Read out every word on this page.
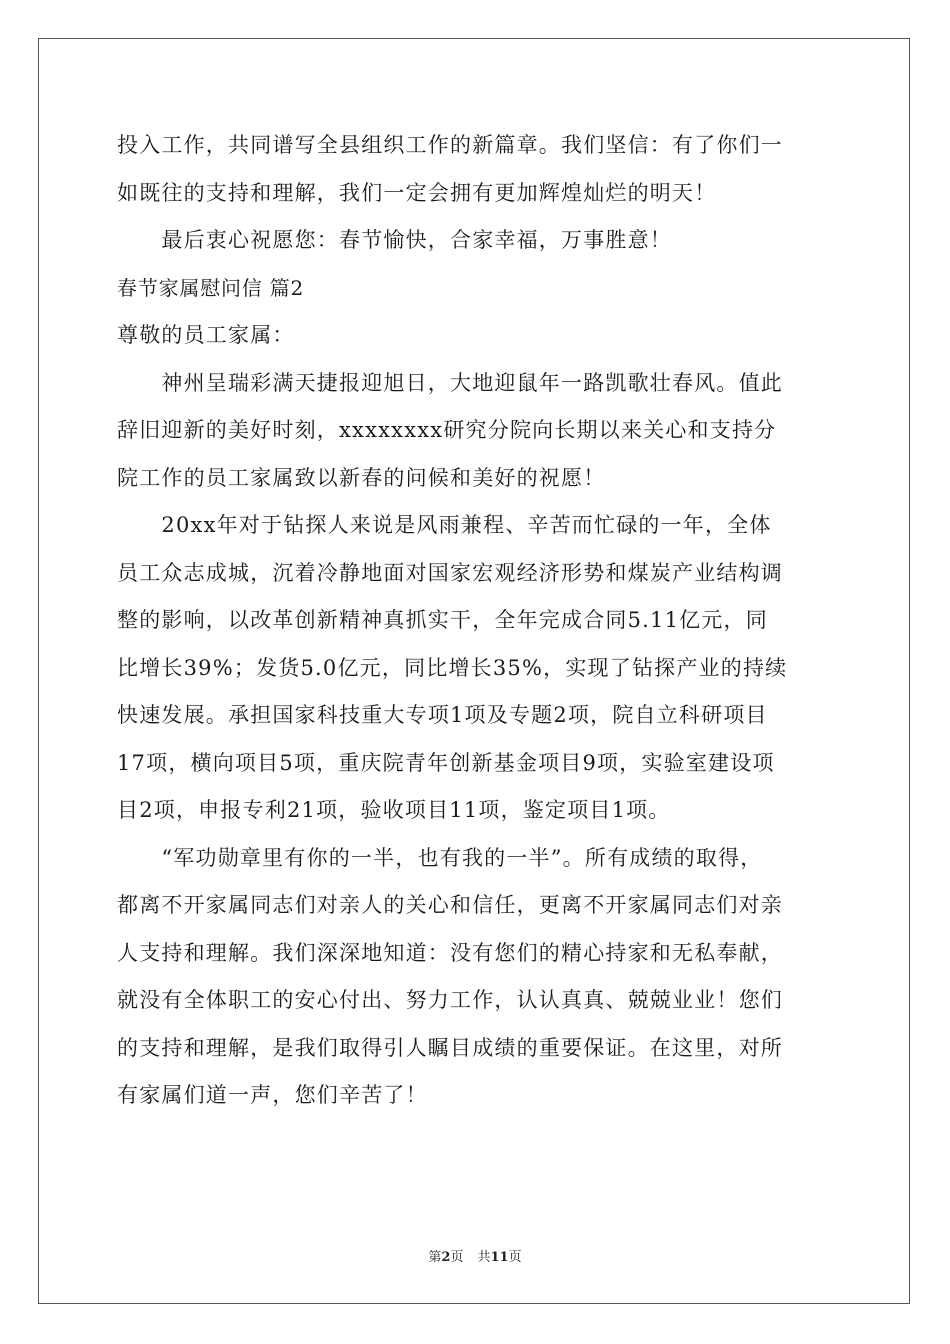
投入工作，共同谱写全县组织工作的新篇章。我们坚信：有了你们一
如既往的支持和理解，我们一定会拥有更加辉煌灿烂的明天！
　　最后衷心祝愿您：春节愉快，合家幸福，万事胜意！
春节家属慰问信 篇2
尊敬的员工家属：
　　神州呈瑞彩满天捷报迎旭日，大地迎鼠年一路凯歌壮春风。值此
辞旧迎新的美好时刻，xxxxxxxx研究分院向长期以来关心和支持分
院工作的员工家属致以新春的问候和美好的祝愿！
　　20xx年对于钻探人来说是风雨兼程、辛苦而忙碌的一年，全体
员工众志成城，沉着冷静地面对国家宏观经济形势和煤炭产业结构调
整的影响，以改革创新精神真抓实干，全年完成合同5.11亿元，同
比增长39%；发货5.0亿元，同比增长35%，实现了钻探产业的持续
快速发展。承担国家科技重大专项1项及专题2项，院自立科研项目
17项，横向项目5项，重庆院青年创新基金项目9项，实验室建设项
目2项，申报专利21项，验收项目11项，鉴定项目1项。
　　“军功勋章里有你的一半，也有我的一半”。所有成绩的取得，
都离不开家属同志们对亲人的关心和信任，更离不开家属同志们对亲
人支持和理解。我们深深地知道：没有您们的精心持家和无私奉献，
就没有全体职工的安心付出、努力工作，认认真真、兢兢业业！您们
的支持和理解，是我们取得引人瞩目成绩的重要保证。在这里，对所
有家属们道一声，您们辛苦了！
第2页 共11页
